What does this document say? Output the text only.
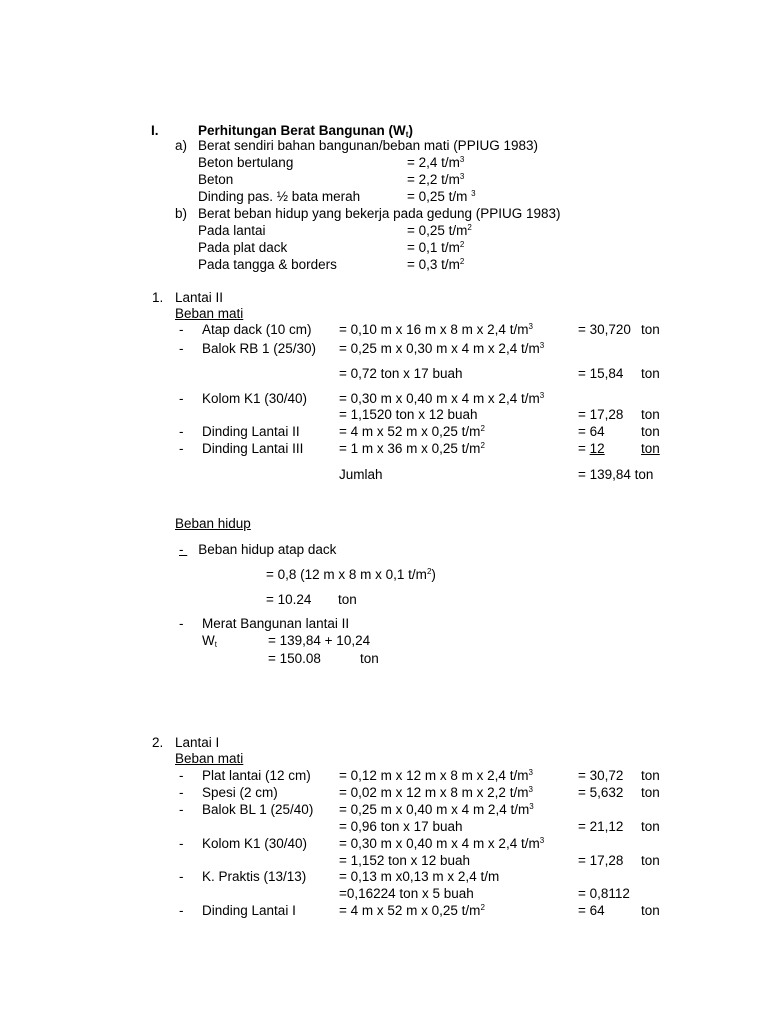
I.	Perhitungan Berat Bangunan $(W_t)$
a) Berat sendiri bahan bangunan/beban mati (PPIUG 1983)
Beton bertulang	= 2,4 $t/m^3$
Beton	= 2,2 $t/m^3$
Dinding pas. ½ bata merah	= 0,25 t/m $^3$
b) Berat beban hidup yang bekerja pada gedung (PPIUG 1983)
Pada lantai	= 0,25 $t/m^2$
Pada plat dack	= 0,1 $t/m^2$
Pada tangga & borders	= 0,3 $t/m^2$
1. Lantai II
Beban mati
- Atap dack (10 cm) = 0,10 m x 16 m x 8 m x 2,4 $t/m^3$	= 30,720 ton
- Balok RB 1 (25/30) = 0,25 m x 0,30 m x 4 m x 2,4 $t/m^3$
= 0,72 ton x 17 buah	= 15,84 ton
- Kolom K1 (30/40) = 0,30 m x 0,40 m x 4 m x 2,4 $t/m^3$
= 1,1520 ton x 12 buah	= 17,28 ton
- Dinding Lantai II	= 4 m x 52 m x 0,25 $t/m^2$	= 64	ton
- Dinding Lantai III	= 1 m x 36 m x 0,25 $t/m^2$	= 12	ton
Jumlah	= 139,84 ton
Beban hidup
- Beban hidup atap dack
= 0,8 (12 m x 8 m x 0,1 $t/m^2$)
= 10.24 ton
- Merat Bangunan lantai II
$W_t$	= 139,84 + 10,24
= 150.08	ton
2. Lantai I
Beban mati
- Plat lantai (12 cm) = 0,12 m x 12 m x 8 m x 2,4 $t/m^3$	= 30,72 ton
- Spesi (2 cm)	= 0,02 m x 12 m x 8 m x 2,2 $t/m^3$	= 5,632 ton
- Balok BL 1 (25/40) = 0,25 m x 0,40 m x 4 m 2,4 $t/m^3$
= 0,96 ton x 17 buah	= 21,12 ton
- Kolom K1 (30/40) = 0,30 m x 0,40 m x 4 m x 2,4 $t/m^3$
= 1,152 ton x 12 buah	= 17,28 ton
- K. Praktis (13/13) = 0,13 m x0,13 m x 2,4 t/m
=0,16224 ton x 5 buah	= 0,8112
- Dinding Lantai I	= 4 m x 52 m x 0,25 $t/m^2$	= 64	ton
